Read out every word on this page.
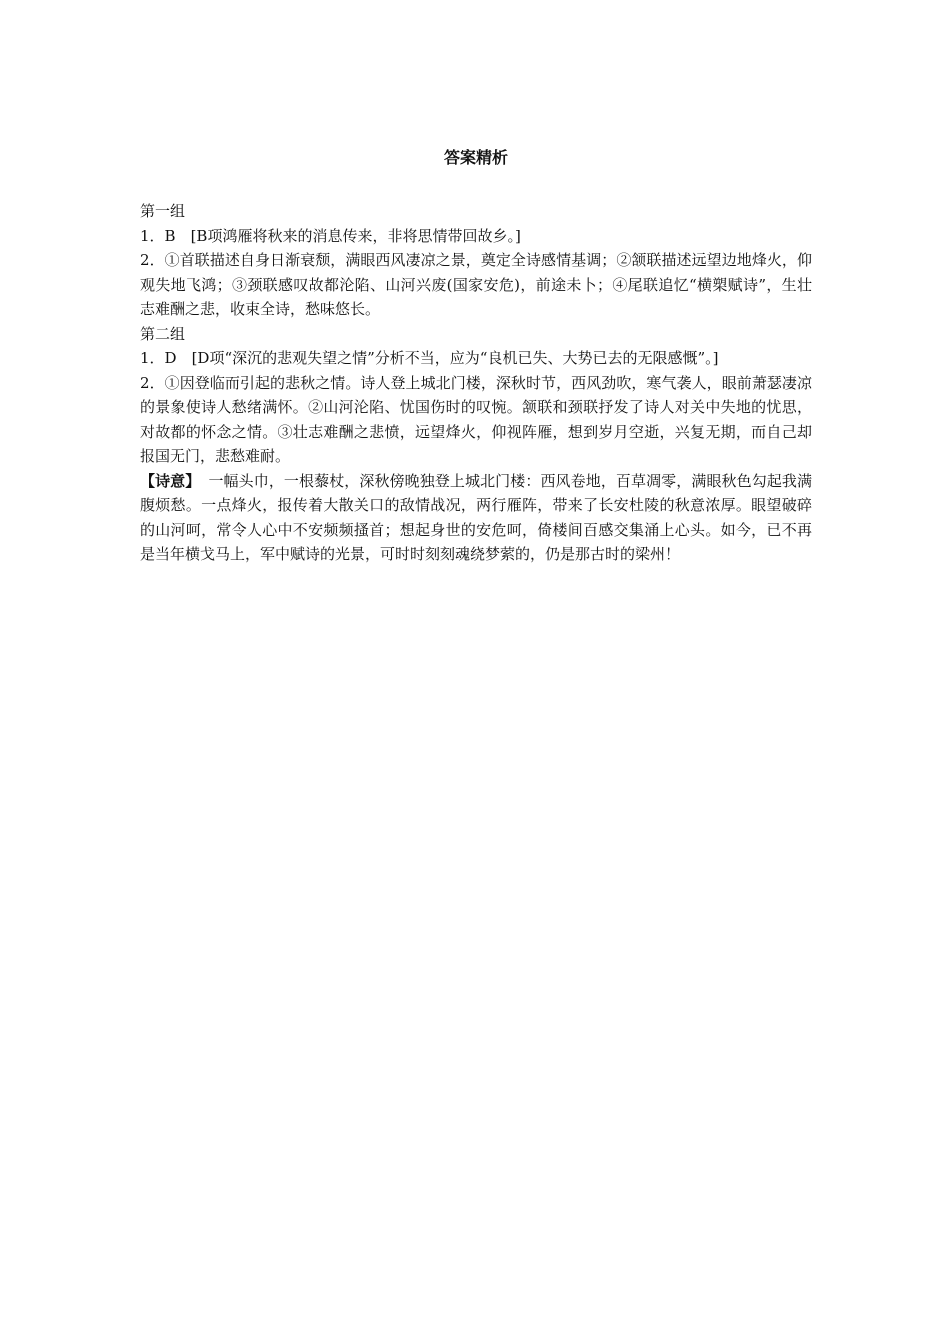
答案精析

第一组

1．B　[B项鸿雁将秋来的消息传来，非将思情带回故乡。]

2．①首联描述自身日渐衰颓，满眼西风凄凉之景，奠定全诗感情基调；②颔联描述远望边地烽火，仰观失地飞鸿；③颈联感叹故都沦陷、山河兴废(国家安危)，前途未卜；④尾联追忆“横槊赋诗”，生壮志难酬之悲，收束全诗，愁味悠长。

第二组

1．D　[D项“深沉的悲观失望之情”分析不当，应为“良机已失、大势已去的无限感慨”。]

2．①因登临而引起的悲秋之情。诗人登上城北门楼，深秋时节，西风劲吹，寒气袭人，眼前萧瑟凄凉的景象使诗人愁绪满怀。②山河沦陷、忧国伤时的叹惋。颔联和颈联抒发了诗人对关中失地的忧思，对故都的怀念之情。③壮志难酬之悲愤，远望烽火，仰视阵雁，想到岁月空逝，兴复无期，而自己却报国无门，悲愁难耐。

【诗意】 一幅头巾，一根藜杖，深秋傍晚独登上城北门楼：西风卷地，百草凋零，满眼秋色勾起我满腹烦愁。一点烽火，报传着大散关口的敌情战况，两行雁阵，带来了长安杜陵的秋意浓厚。眼望破碎的山河呵，常令人心中不安频频搔首；想起身世的安危呵，倚楼间百感交集涌上心头。如今，已不再是当年横戈马上，军中赋诗的光景，可时时刻刻魂绕梦萦的，仍是那古时的梁州！
